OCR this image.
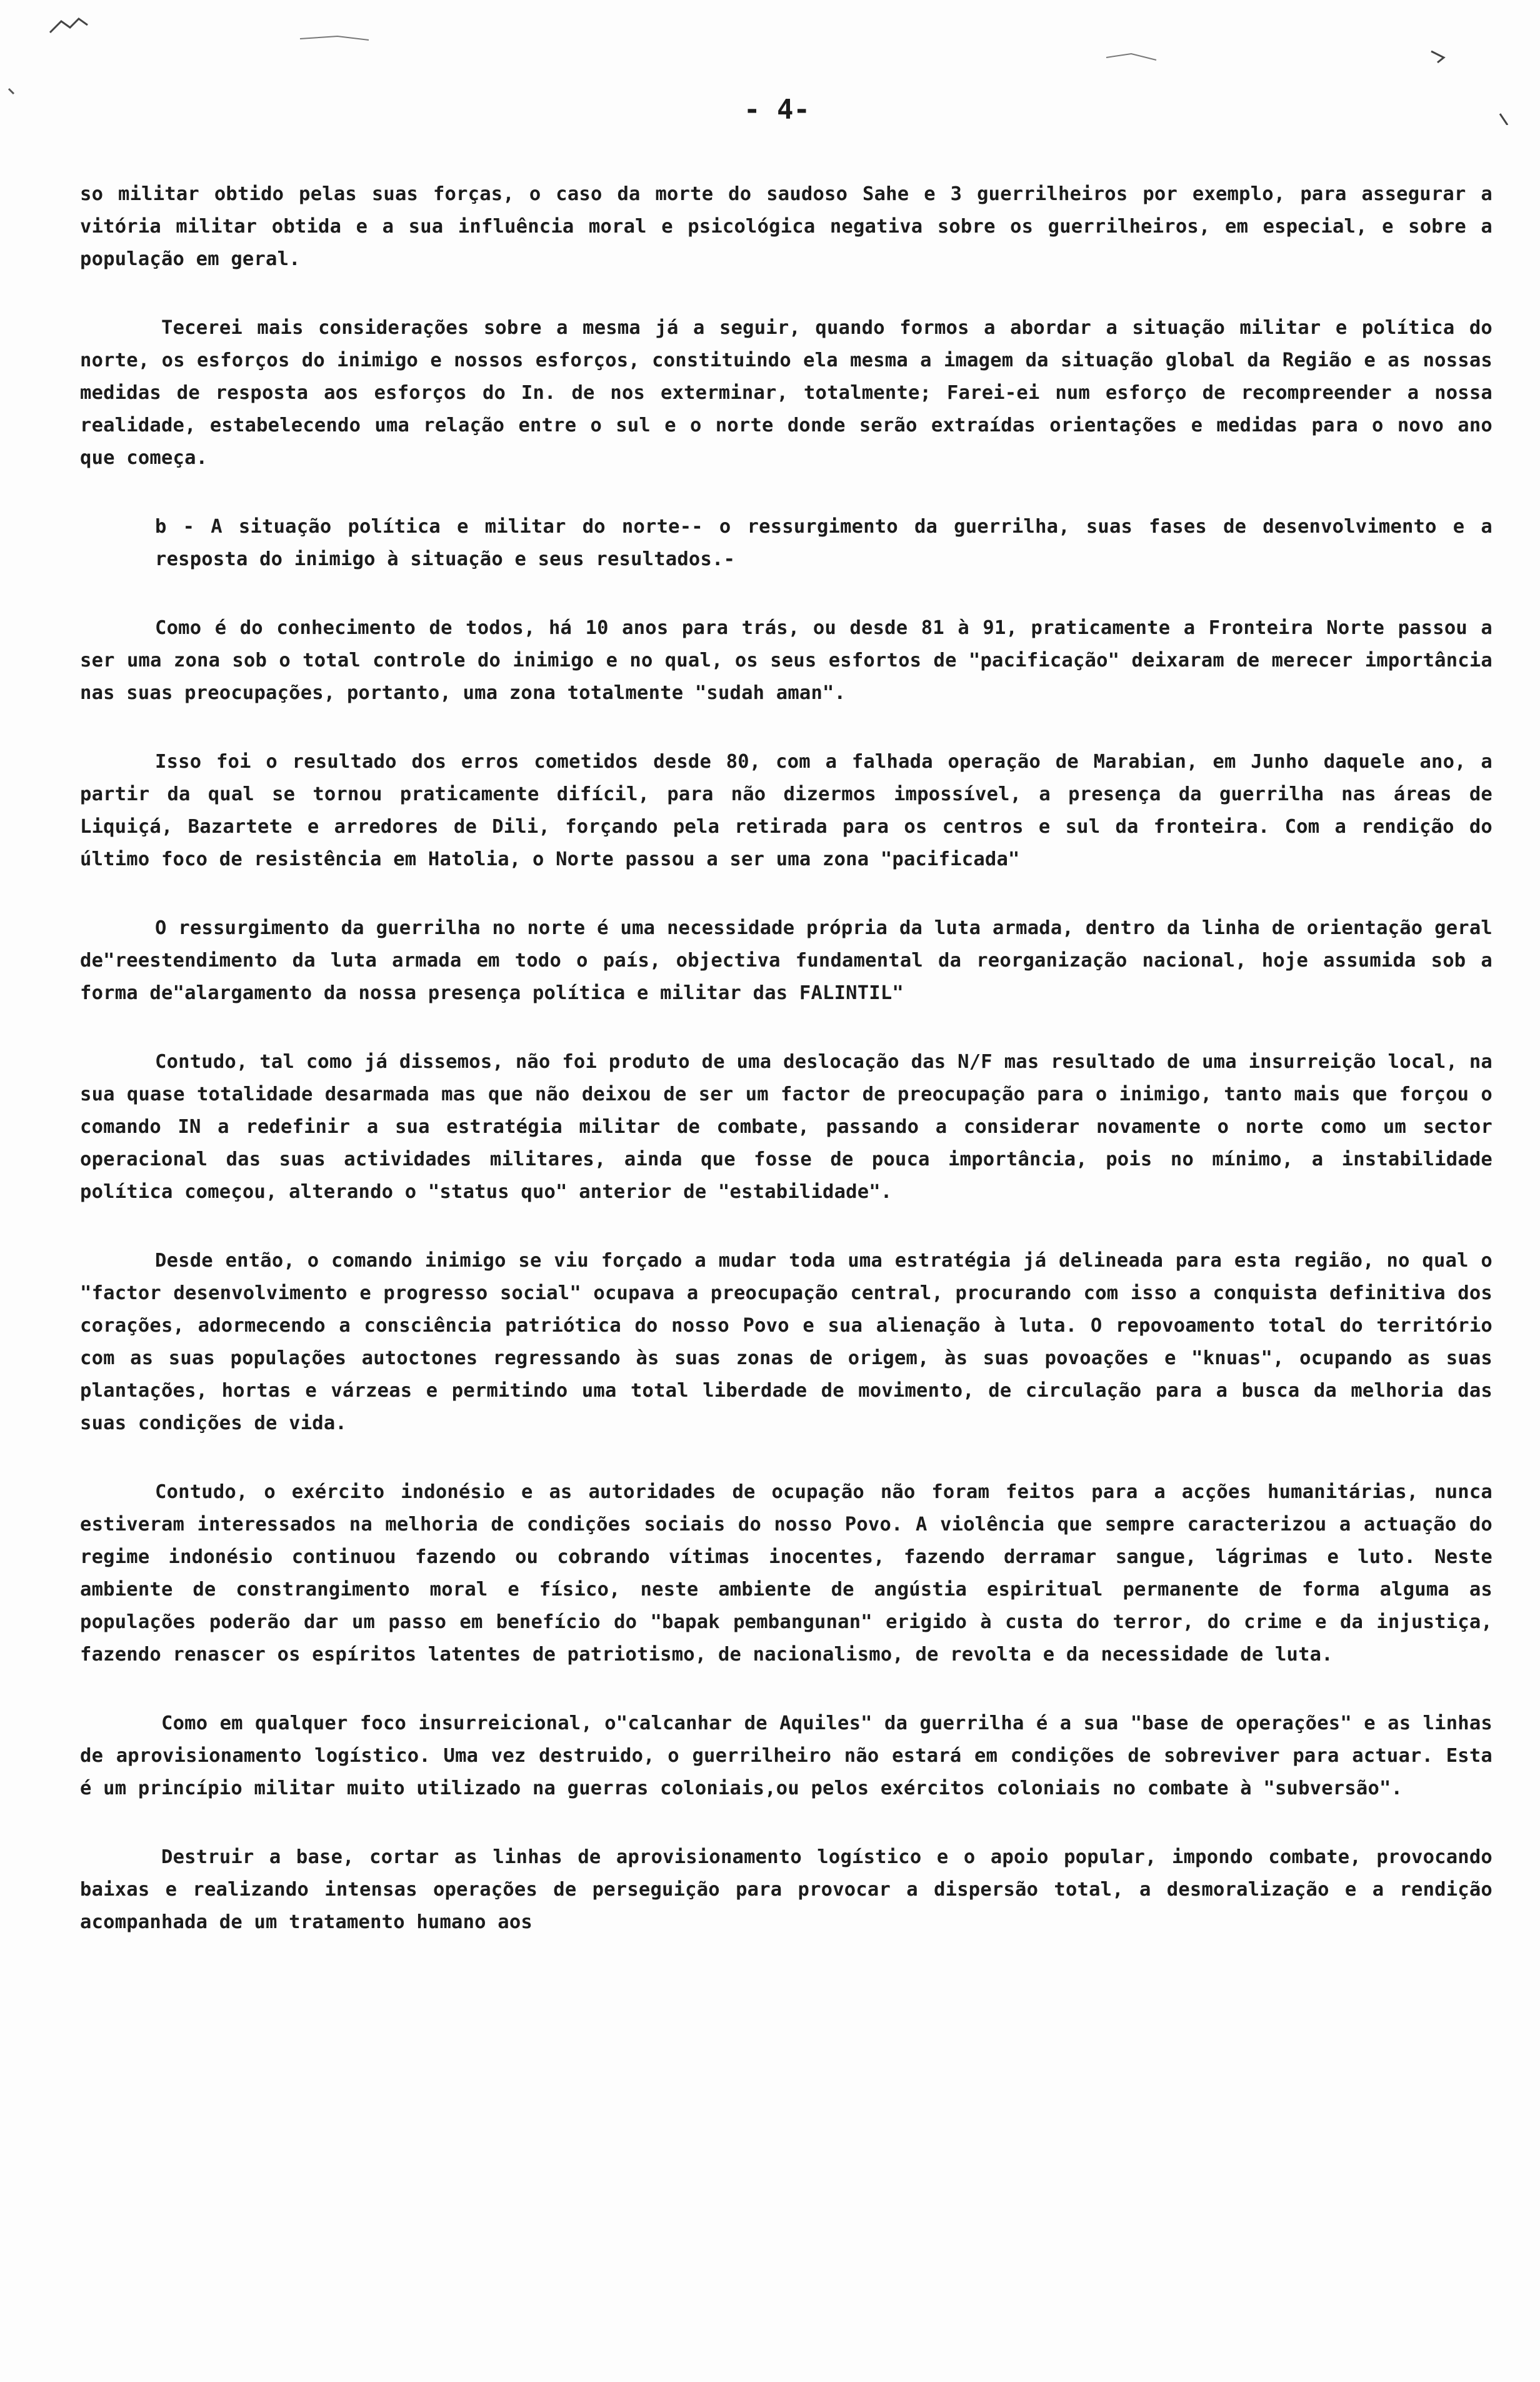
- 4-

so militar obtido pelas suas forças, o caso da morte do saudoso Sahe e 3 guerrilheiros por exemplo, para assegurar a vitória militar obtida e a sua influência moral e psicológica negativa sobre os guerrilheiros, em especial, e sobre a população em geral.

Tecerei mais considerações sobre a mesma já a seguir, quando formos a abordar a situação militar e política do norte, os esforços do inimigo e nossos esforços, constituindo ela mesma a imagem da situação global da Região e as nossas medidas de resposta aos esforços do In. de nos exterminar, totalmente; Farei-ei num esforço de recompreender a nossa realidade, estabelecendo uma relação entre o sul e o norte donde serão extraídas orientações e medidas para o novo ano que começa.

b - A situação política e militar do norte-- o ressurgimento da guerrilha, suas fases de desenvolvimento e a resposta do inimigo à situação e seus resultados.-

Como é do conhecimento de todos, há 10 anos para trás, ou desde 81 à 91, praticamente a Fronteira Norte passou a ser uma zona sob o total controle do inimigo e no qual, os seus esfortos de "pacificação" deixaram de merecer importância nas suas preocupações, portanto, uma zona totalmente "sudah aman".

Isso foi o resultado dos erros cometidos desde 80, com a falhada operação de Marabian, em Junho daquele ano, a partir da qual se tornou praticamente difícil, para não dizermos impossível, a presença da guerrilha nas áreas de Liquiçá, Bazartete e arredores de Dili, forçando pela retirada para os centros e sul da fronteira. Com a rendição do último foco de resistência em Hatolia, o Norte passou a ser uma zona "pacificada"

O ressurgimento da guerrilha no norte é uma necessidade própria da luta armada, dentro da linha de orientação geral de"reestendimento da luta armada em todo o país, objectiva fundamental da reorganização nacional, hoje assumida sob a forma de"alargamento da nossa presença política e militar das FALINTIL"

Contudo, tal como já dissemos, não foi produto de uma deslocação das N/F mas resultado de uma insurreição local, na sua quase totalidade desarmada mas que não deixou de ser um factor de preocupação para o inimigo, tanto mais que forçou o comando IN a redefinir a sua estratégia militar de combate, passando a considerar novamente o norte como um sector operacional das suas actividades militares, ainda que fosse de pouca importância, pois no mínimo, a instabilidade política começou, alterando o "status quo" anterior de "estabilidade".

Desde então, o comando inimigo se viu forçado a mudar toda uma estratégia já delineada para esta região, no qual o "factor desenvolvimento e progresso social" ocupava a preocupação central, procurando com isso a conquista definitiva dos corações, adormecendo a consciência patriótica do nosso Povo e sua alienação à luta. O repovoamento total do território com as suas populações autoctones regressando às suas zonas de origem, às suas povoações e "knuas", ocupando as suas plantações, hortas e várzeas e permitindo uma total liberdade de movimento, de circulação para a busca da melhoria das suas condições de vida.

Contudo, o exército indonésio e as autoridades de ocupação não foram feitos para a acções humanitárias, nunca estiveram interessados na melhoria de condições sociais do nosso Povo. A violência que sempre caracterizou a actuação do regime indonésio continuou fazendo ou cobrando vítimas inocentes, fazendo derramar sangue, lágrimas e luto. Neste ambiente de constrangimento moral e físico, neste ambiente de angústia espiritual permanente de forma alguma as populações poderão dar um passo em benefício do "bapak pembangunan" erigido à custa do terror, do crime e da injustiça, fazendo renascer os espíritos latentes de patriotismo, de nacionalismo, de revolta e da necessidade de luta.

Como em qualquer foco insurreicional, o"calcanhar de Aquiles" da guerrilha é a sua "base de operações" e as linhas de aprovisionamento logístico. Uma vez destruido, o guerrilheiro não estará em condições de sobreviver para actuar. Esta é um princípio militar muito utilizado na guerras coloniais,ou pelos exércitos coloniais no combate à "subversão".

Destruir a base, cortar as linhas de aprovisionamento logístico e o apoio popular, impondo combate, provocando baixas e realizando intensas operações de perseguição para provocar a dispersão total, a desmoralização e a rendição acompanhada de um tratamento humano aos
